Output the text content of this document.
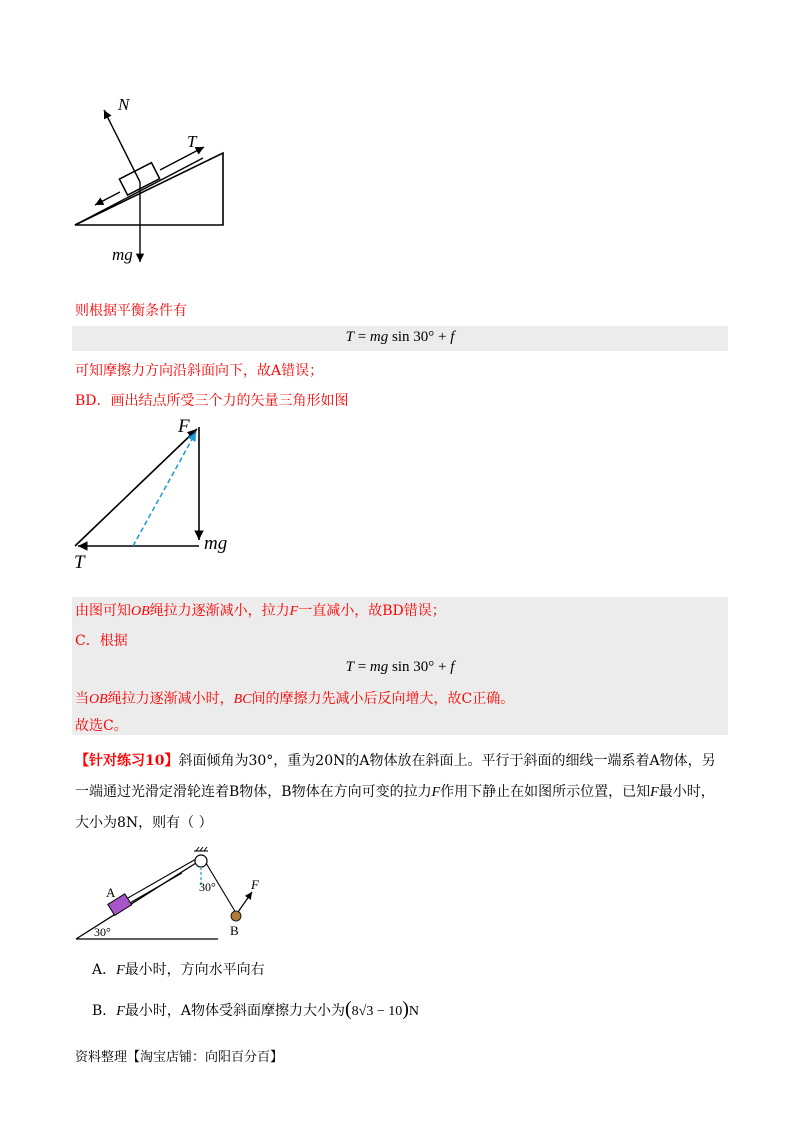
N
T
mg
则根据平衡条件有
T = mg sin 30° + f
可知摩擦力方向沿斜面向下，故A错误；
BD．画出结点所受三个力的矢量三角形如图
F
mg
T
由图可知OB绳拉力逐渐减小，拉力F一直减小，故BD错误；
C．根据
T = mg sin 30° + f
当OB绳拉力逐渐减小时，BC间的摩擦力先减小后反向增大，故C正确。
故选C。
【针对练习10】斜面倾角为30°，重为20N的A物体放在斜面上。平行于斜面的细线一端系着A物体，另
一端通过光滑定滑轮连着B物体，B物体在方向可变的拉力F作用下静止在如图所示位置，已知F最小时，
大小为8N，则有（ ）
A
B
F
30°
30°
A．F最小时，方向水平向右
B．F最小时，A物体受斜面摩擦力大小为(8√3 − 10)N
资料整理【淘宝店铺：向阳百分百】
